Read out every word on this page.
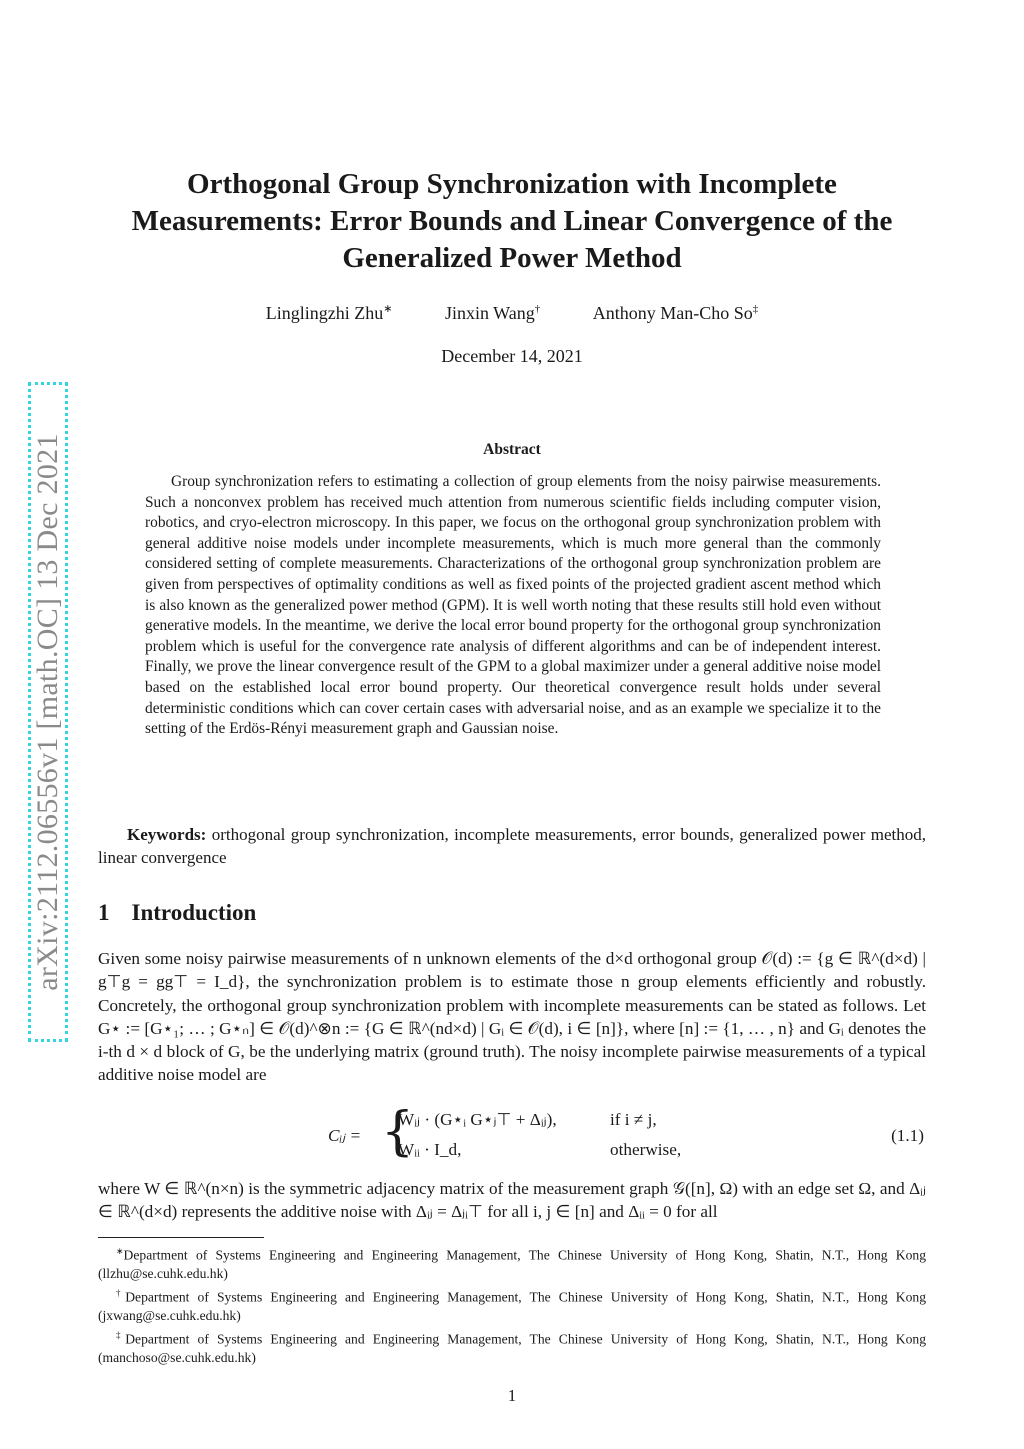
arXiv:2112.06556v1 [math.OC] 13 Dec 2021
Orthogonal Group Synchronization with Incomplete Measurements: Error Bounds and Linear Convergence of the Generalized Power Method
Linglingzhi Zhu∗	Jinxin Wang†	Anthony Man-Cho So‡
December 14, 2021
Abstract

Group synchronization refers to estimating a collection of group elements from the noisy pairwise measurements. Such a nonconvex problem has received much attention from numerous scientific fields including computer vision, robotics, and cryo-electron microscopy. In this paper, we focus on the orthogonal group synchronization problem with general additive noise models under incomplete measurements, which is much more general than the commonly considered setting of complete measurements. Characterizations of the orthogonal group synchronization problem are given from perspectives of optimality conditions as well as fixed points of the projected gradient ascent method which is also known as the generalized power method (GPM). It is well worth noting that these results still hold even without generative models. In the meantime, we derive the local error bound property for the orthogonal group synchronization problem which is useful for the convergence rate analysis of different algorithms and can be of independent interest. Finally, we prove the linear convergence result of the GPM to a global maximizer under a general additive noise model based on the established local error bound property. Our theoretical convergence result holds under several deterministic conditions which can cover certain cases with adversarial noise, and as an example we specialize it to the setting of the Erdös-Rényi measurement graph and Gaussian noise.

Keywords: orthogonal group synchronization, incomplete measurements, error bounds, generalized power method, linear convergence

1 Introduction

Given some noisy pairwise measurements of n unknown elements of the d×d orthogonal group 𝒪(d) := {g ∈ ℝ^(d×d) | g⊤g = gg⊤ = I_d}, the synchronization problem is to estimate those n group elements efficiently and robustly. Concretely, the orthogonal group synchronization problem with incomplete measurements can be stated as follows. Let G⋆ := [G⋆₁; … ; G⋆ₙ] ∈ 𝒪(d)^⊗n := {G ∈ ℝ^(nd×d) | Gᵢ ∈ 𝒪(d), i ∈ [n]}, where [n] := {1, … , n} and Gᵢ denotes the i-th d × d block of G, be the underlying matrix (ground truth). The noisy incomplete pairwise measurements of a typical additive noise model are

Cᵢⱼ = {
Wᵢⱼ · (G⋆ᵢ G⋆ⱼ⊤ + Δᵢⱼ),	if i ≠ j,
Wᵢᵢ · I_d,	otherwise,
(1.1)

where W ∈ ℝ^(n×n) is the symmetric adjacency matrix of the measurement graph 𝒢([n], Ω) with an edge set Ω, and Δᵢⱼ ∈ ℝ^(d×d) represents the additive noise with Δᵢⱼ = Δⱼᵢ⊤ for all i, j ∈ [n] and Δᵢᵢ = 0 for all

∗Department of Systems Engineering and Engineering Management, The Chinese University of Hong Kong, Shatin, N.T., Hong Kong (llzhu@se.cuhk.edu.hk)

†Department of Systems Engineering and Engineering Management, The Chinese University of Hong Kong, Shatin, N.T., Hong Kong (jxwang@se.cuhk.edu.hk)

‡Department of Systems Engineering and Engineering Management, The Chinese University of Hong Kong, Shatin, N.T., Hong Kong (manchoso@se.cuhk.edu.hk)

1
